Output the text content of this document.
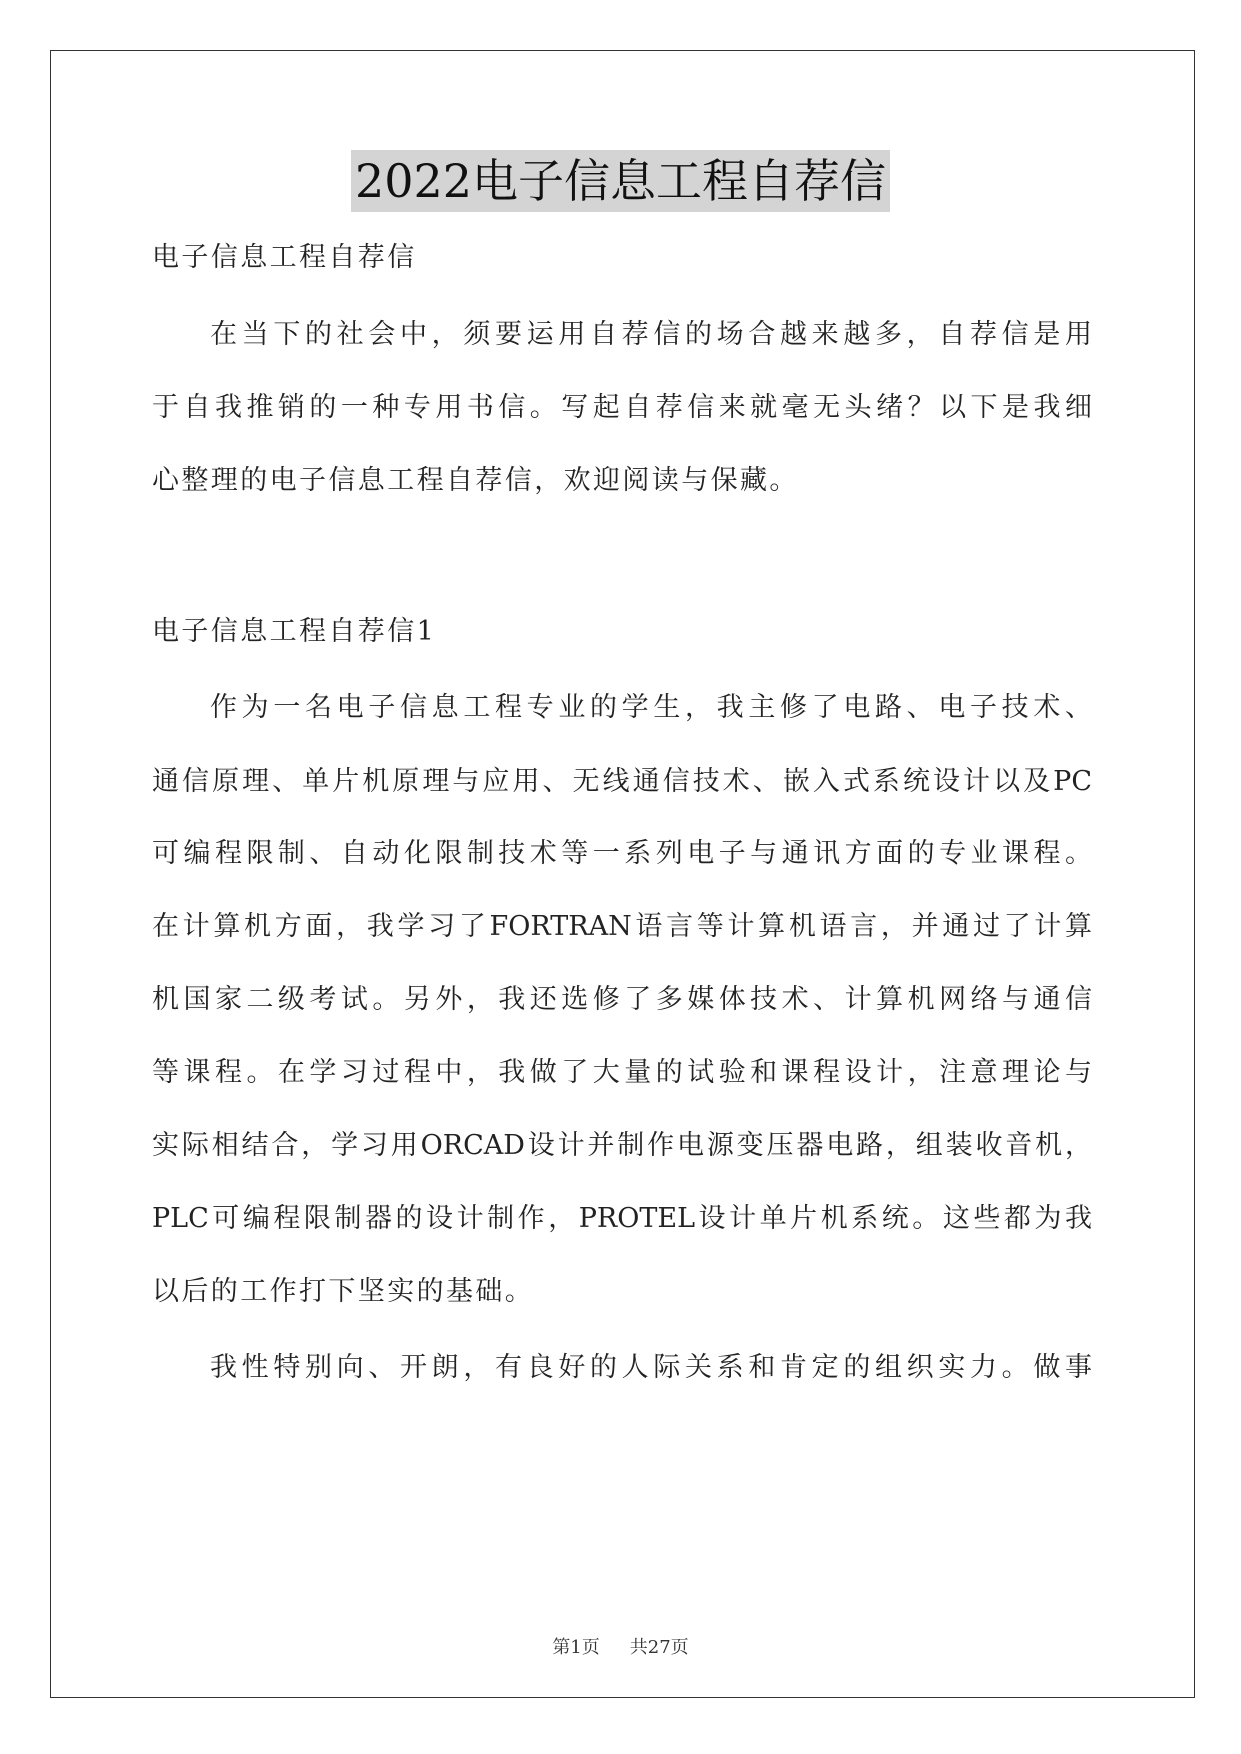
2022电子信息工程自荐信
电子信息工程自荐信
在当下的社会中，须要运用自荐信的场合越来越多，自荐信是用
于自我推销的一种专用书信。写起自荐信来就毫无头绪？以下是我细
心整理的电子信息工程自荐信，欢迎阅读与保藏。
电子信息工程自荐信1
作为一名电子信息工程专业的学生，我主修了电路、电子技术、
通信原理、单片机原理与应用、无线通信技术、嵌入式系统设计以及PC
可编程限制、自动化限制技术等一系列电子与通讯方面的专业课程。
在计算机方面，我学习了FORTRAN语言等计算机语言，并通过了计算
机国家二级考试。另外，我还选修了多媒体技术、计算机网络与通信
等课程。在学习过程中，我做了大量的试验和课程设计，注意理论与
实际相结合，学习用ORCAD设计并制作电源变压器电路，组装收音机，
PLC可编程限制器的设计制作，PROTEL设计单片机系统。这些都为我
以后的工作打下坚实的基础。
我性特别向、开朗，有良好的人际关系和肯定的组织实力。做事
第1页 共27页
